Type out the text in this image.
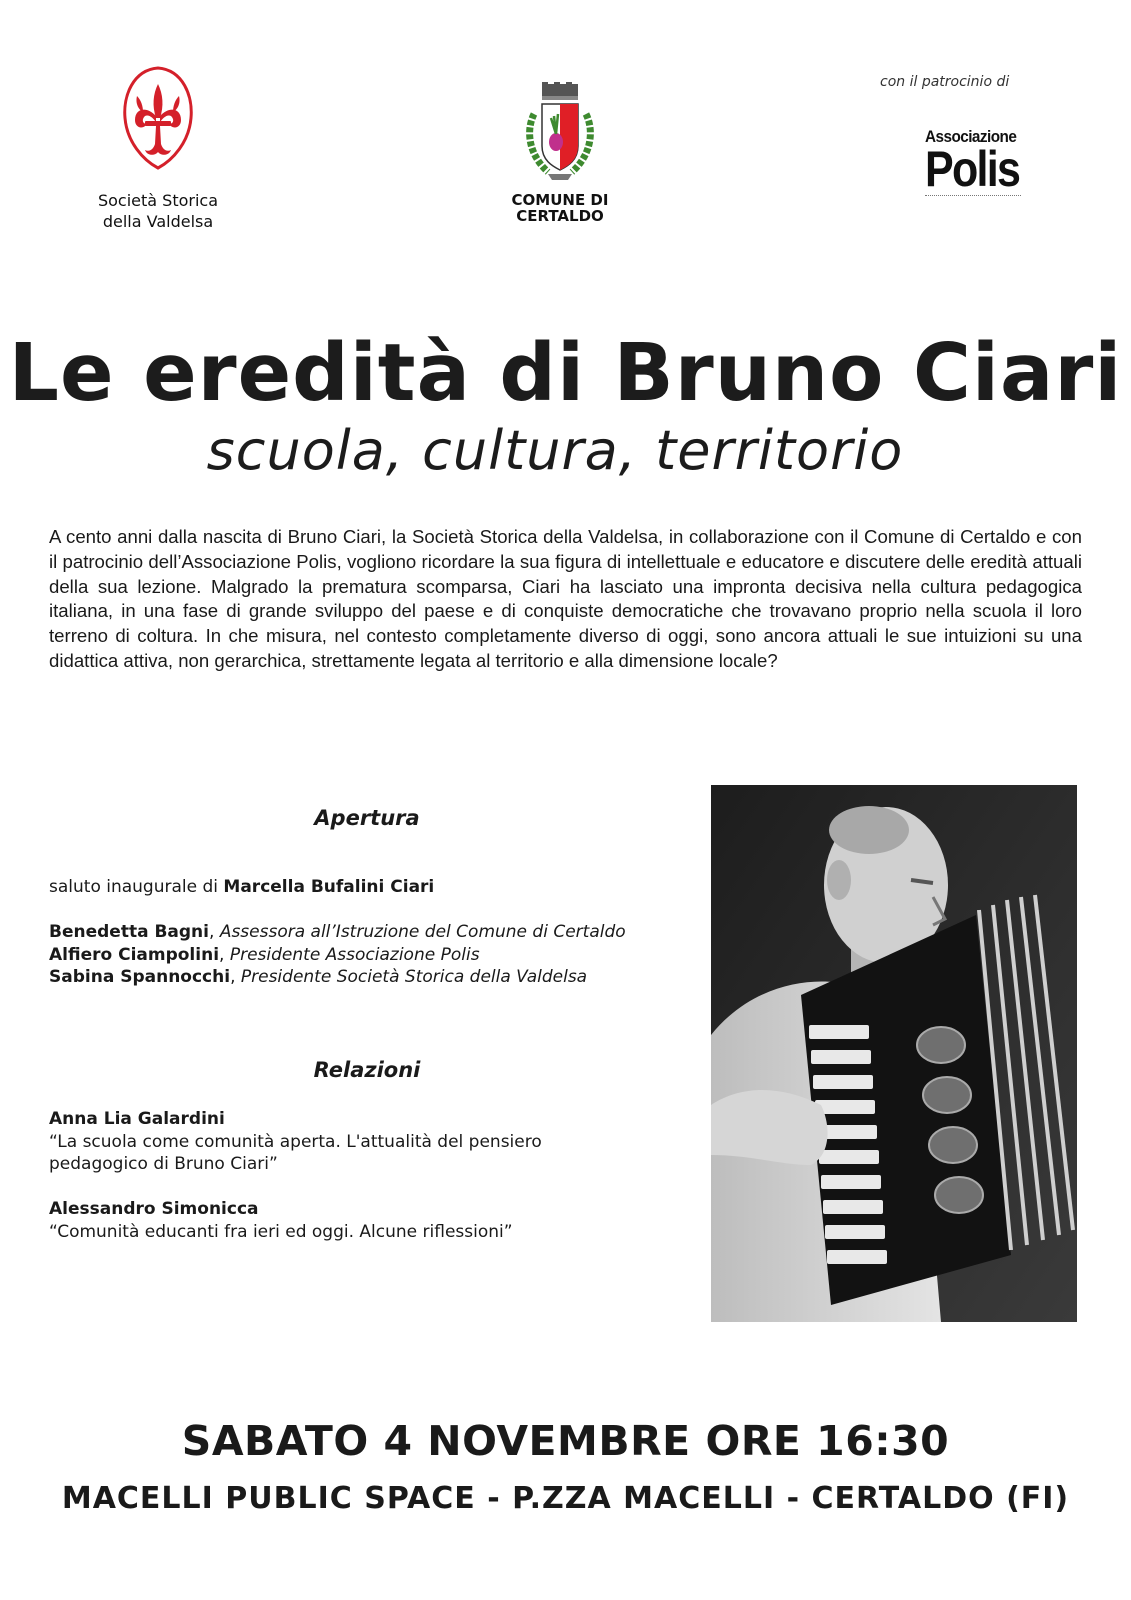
Società Storica
della Valdelsa
COMUNE DI
CERTALDO
con il patrocinio di
Associazione
Polis
Le eredità di Bruno Ciari
scuola, cultura, territorio
A cento anni dalla nascita di Bruno Ciari, la Società Storica della Valdelsa, in collaborazione con il Comune di Certaldo e con il patrocinio dell’Associazione Polis, vogliono ricordare la sua figura di intellettuale e educatore e discutere delle eredità attuali della sua lezione. Malgrado la prematura scomparsa, Ciari ha lasciato una impronta decisiva nella cultura pedagogica italiana, in una fase di grande sviluppo del paese e di conquiste democratiche che trovavano proprio nella scuola il loro terreno di coltura. In che misura, nel contesto completamente diverso di oggi, sono ancora attuali le sue intuizioni su una didattica attiva, non gerarchica, strettamente legata al territorio e alla dimensione locale?
Apertura
saluto inaugurale di Marcella Bufalini Ciari
Benedetta Bagni, Assessora all’Istruzione del Comune di Certaldo
Alfiero Ciampolini, Presidente Associazione Polis
Sabina Spannocchi, Presidente Società Storica della Valdelsa
Relazioni
Anna Lia Galardini
“La scuola come comunità aperta. L'attualità del pensiero
pedagogico di Bruno Ciari”
Alessandro Simonicca
“Comunità educanti fra ieri ed oggi. Alcune riflessioni”
SABATO 4 NOVEMBRE ORE 16:30
MACELLI PUBLIC SPACE - P.ZZA MACELLI - CERTALDO (FI)
